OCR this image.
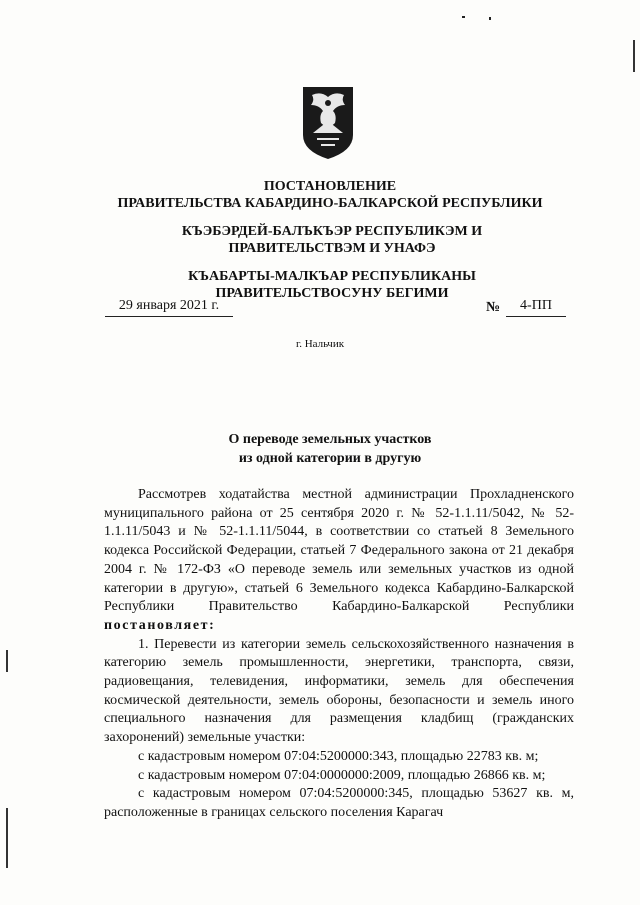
ПОСТАНОВЛЕНИЕ

ПРАВИТЕЛЬСТВА КАБАРДИНО-БАЛКАРСКОЙ РЕСПУБЛИКИ

КЪЭБЭРДЕЙ-БАЛЪКЪЭР РЕСПУБЛИКЭМ И ПРАВИТЕЛЬСТВЭМ И УНАФЭ

КЪАБАРТЫ-МАЛКЪАР РЕСПУБЛИКАНЫ ПРАВИТЕЛЬСТВОСУНУ БЕГИМИ

29 января 2021 г.	№	4-ПП
г. Нальчик

О переводе земельных участков

из одной категории в другую

Рассмотрев ходатайства местной администрации Прохладненского муниципального района от 25 сентября 2020 г. № 52-1.1.11/5042, № 52-1.1.11/5043 и № 52-1.1.11/5044, в соответствии со статьей 8 Земельного кодекса Российской Федерации, статьей 7 Федерального закона от 21 декабря 2004 г. № 172-ФЗ «О переводе земель или земельных участков из одной категории в другую», статьей 6 Земельного кодекса Кабардино-Балкарской Республики Правительство Кабардино-Балкарской Республики постановляет:

1. Перевести из категории земель сельскохозяйственного назначения в категорию земель промышленности, энергетики, транспорта, связи, радиовещания, телевидения, информатики, земель для обеспечения космической деятельности, земель обороны, безопасности и земель иного специального назначения для размещения кладбищ (гражданских захоронений) земельные участки:

с кадастровым номером 07:04:5200000:343, площадью 22783 кв. м;

с кадастровым номером 07:04:0000000:2009, площадью 26866 кв. м;

с кадастровым номером 07:04:5200000:345, площадью 53627 кв. м, расположенные в границах сельского поселения Карагач
